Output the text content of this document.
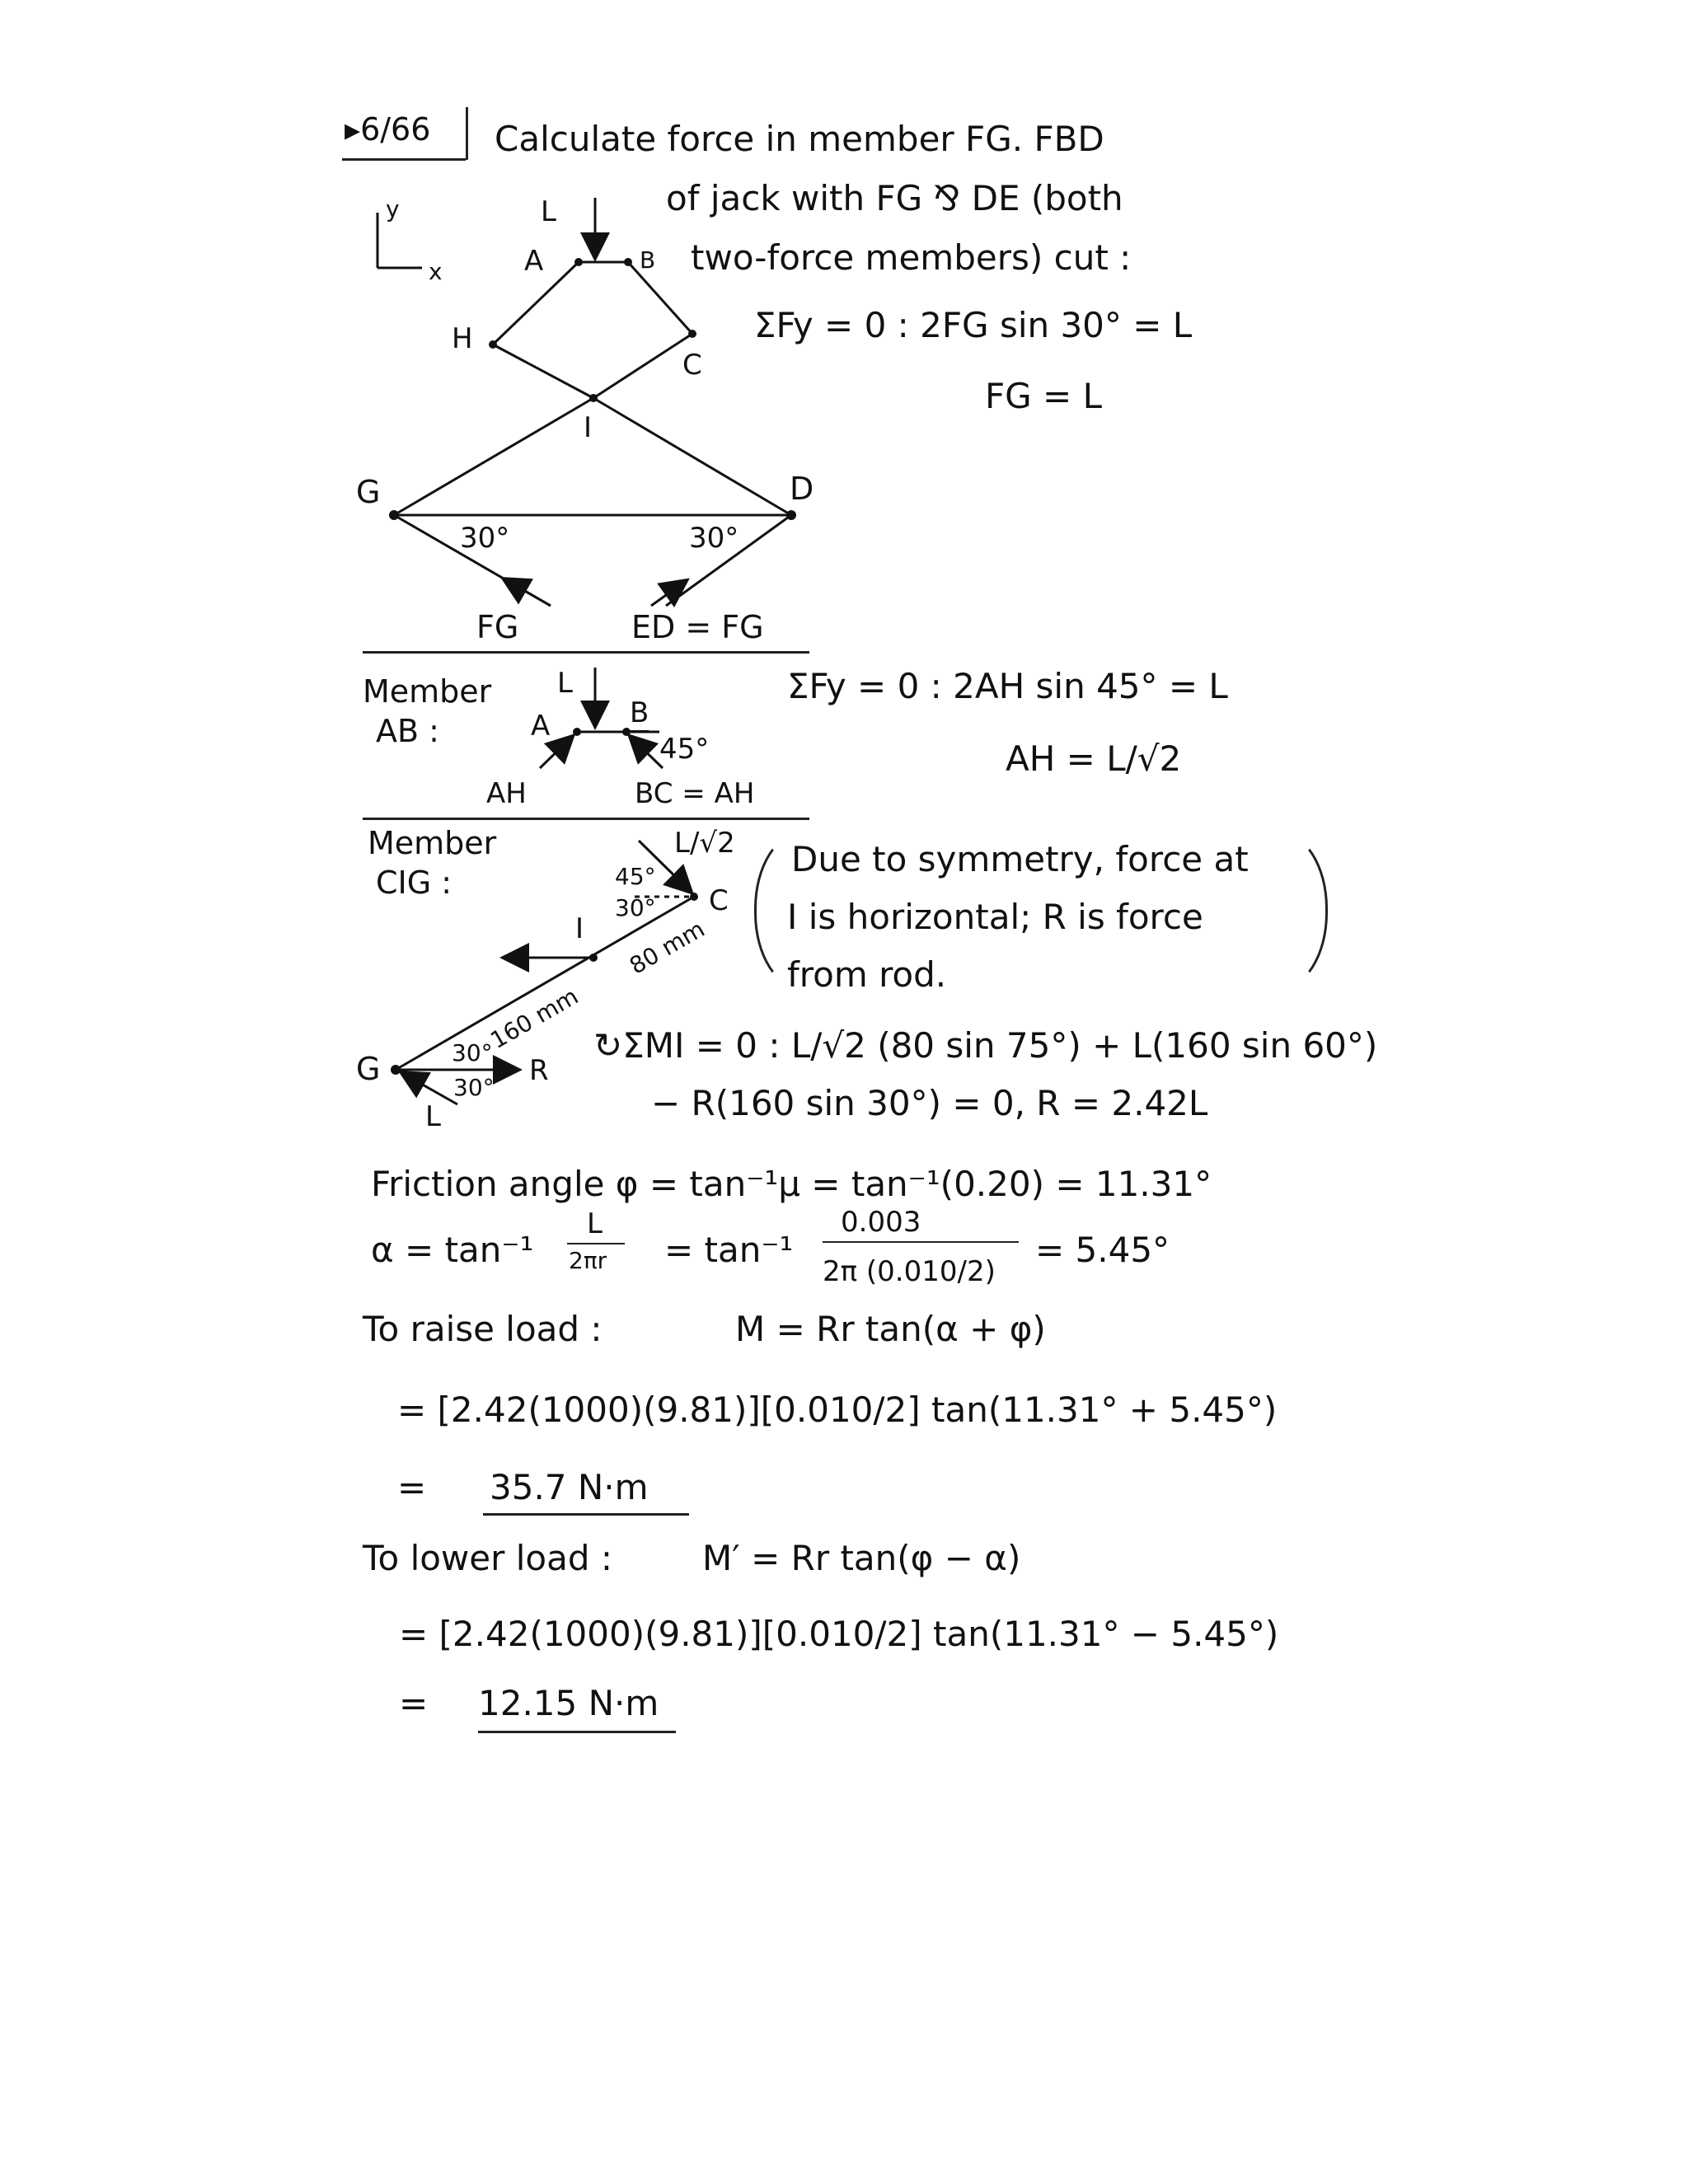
▸6/66 Calculate force in member FG. FBD
of jack with FG ⅋ DE (both
two-force members) cut :
y
x
L
A	B
H
C
I
G	D
30°	30°
FG	ED = FG
ΣFy = 0 : 2FG sin 30° = L
FG = L
Member
AB :
L
A	B
45°
AH	BC = AH
ΣFy = 0 : 2AH sin 45° = L
AH = L/√2
Member
CIG :
L/√2
45°
30° C
I 80 mm
160 mm
G	30°
30°
R
L
Due to symmetry, force at
I is horizontal; R is force
from rod.
↻ΣMI = 0 : L/√2 (80 sin 75°) + L(160 sin 60°)
− R(160 sin 30°) = 0, R = 2.42L
Friction angle φ = tan⁻¹μ = tan⁻¹(0.20) = 11.31°
α = tan⁻¹
L
2πr = tan⁻¹
0.003
2π (0.010/2)
= 5.45°
To raise load :	M = Rr tan(α + φ)
= [2.42(1000)(9.81)][0.010/2] tan(11.31° + 5.45°)
= 35.7 N·m
To lower load :	M′ = Rr tan(φ − α)
= [2.42(1000)(9.81)][0.010/2] tan(11.31° − 5.45°)
= 12.15 N·m
